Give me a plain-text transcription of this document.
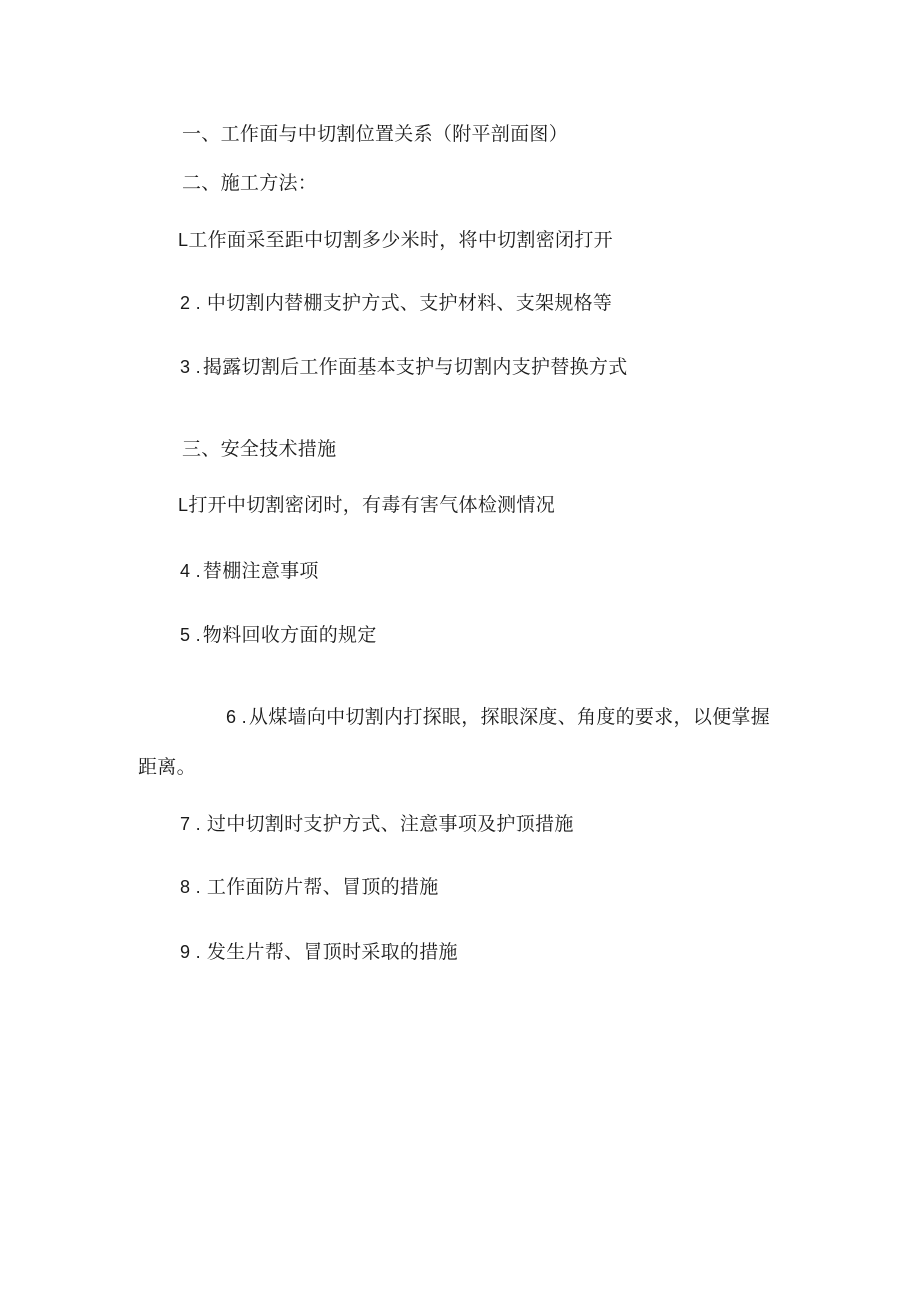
一、工作面与中切割位置关系（附平剖面图）
二、施工方法：
L工作面采至距中切割多少米时，将中切割密闭打开
2 . 中切割内替棚支护方式、支护材料、支架规格等
3 . 揭露切割后工作面基本支护与切割内支护替换方式
三、安全技术措施
L打开中切割密闭时，有毒有害气体检测情况
4 . 替棚注意事项
5 . 物料回收方面的规定
6 . 从煤墙向中切割内打探眼，探眼深度、角度的要求，以便掌握距离。
7 . 过中切割时支护方式、注意事项及护顶措施
8 . 工作面防片帮、冒顶的措施
9 . 发生片帮、冒顶时采取的措施
